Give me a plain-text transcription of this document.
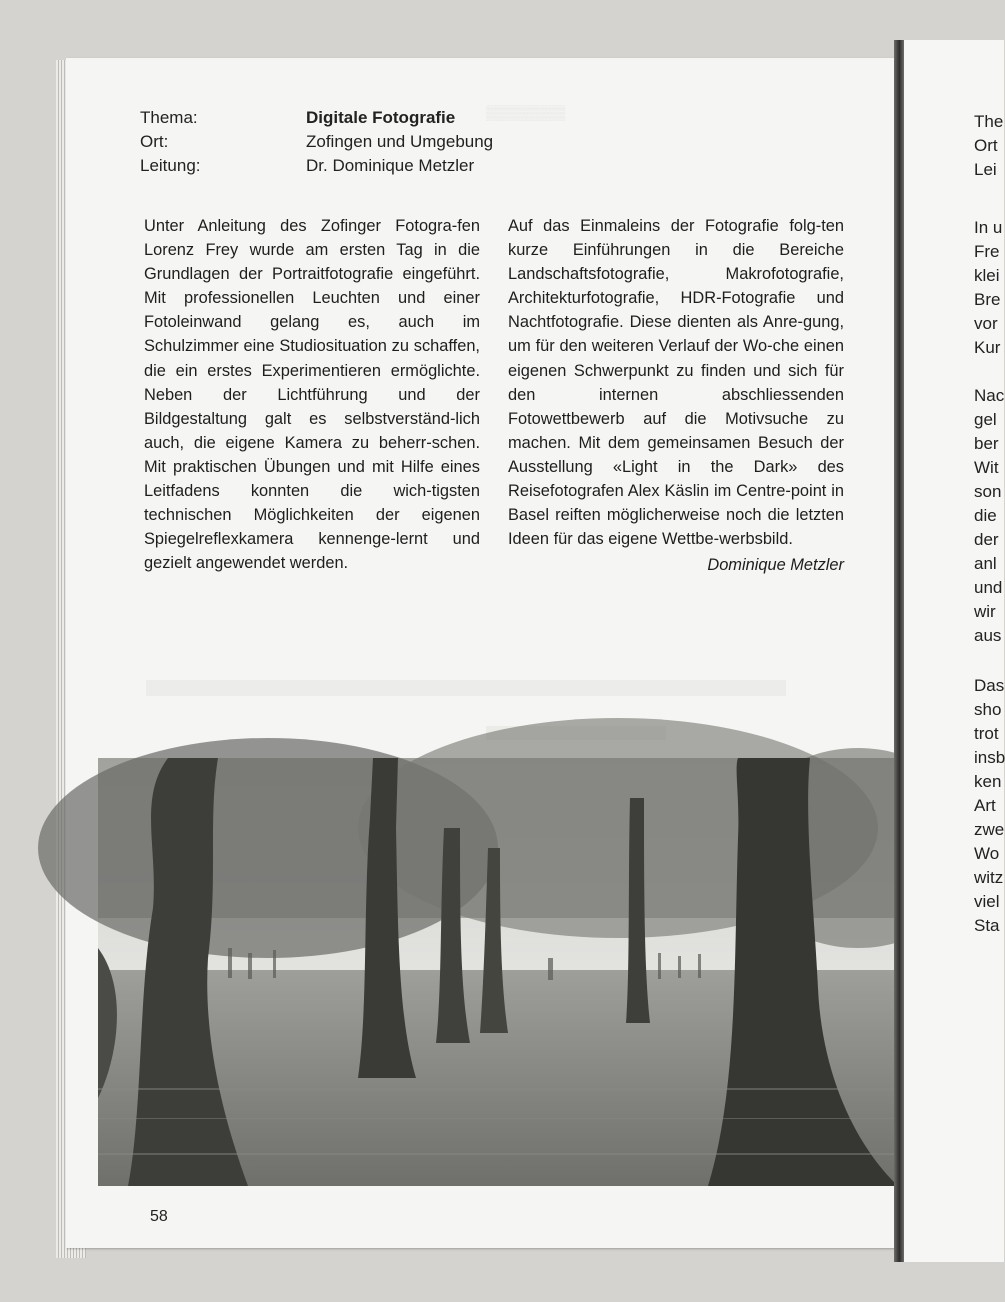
▒▒▒▒▒▒▒▒
Thema:	Digitale Fotografie
Ort:	Zofingen und Umgebung
Leitung:	Dr. Dominique Metzler

Unter Anleitung des Zofinger Fotogra-fen Lorenz Frey wurde am ersten Tag in die Grundlagen der Portraitfotografie eingeführt. Mit professionellen Leuchten und einer Fotoleinwand gelang es, auch im Schulzimmer eine Studiosituation zu schaffen, die ein erstes Experimentieren ermöglichte. Neben der Lichtführung und der Bildgestaltung galt es selbstverständ-lich auch, die eigene Kamera zu beherr-schen. Mit praktischen Übungen und mit Hilfe eines Leitfadens konnten die wich-tigsten technischen Möglichkeiten der eigenen Spiegelreflexkamera kennenge-lernt und gezielt angewendet werden.

Auf das Einmaleins der Fotografie folg-ten kurze Einführungen in die Bereiche Landschaftsfotografie, Makrofotografie, Architekturfotografie, HDR-Fotografie und Nachtfotografie. Diese dienten als Anre-gung, um für den weiteren Verlauf der Wo-che einen eigenen Schwerpunkt zu finden und sich für den internen abschliessenden Fotowettbewerb auf die Motivsuche zu machen. Mit dem gemeinsamen Besuch der Ausstellung «Light in the Dark» des Reisefotografen Alex Käslin im Centre-point in Basel reiften möglicherweise noch die letzten Ideen für das eigene Wettbe-werbsbild.

Dominique Metzler
58
The
Ort
Lei
In u
Fre
klei
Bre
vor
Kur
Nac
gel
ber
Wit
son
die
der
anl
und
wir
aus
Das
sho
trot
insb
ken
Art
zwe
Wo
witz
viel
Sta
